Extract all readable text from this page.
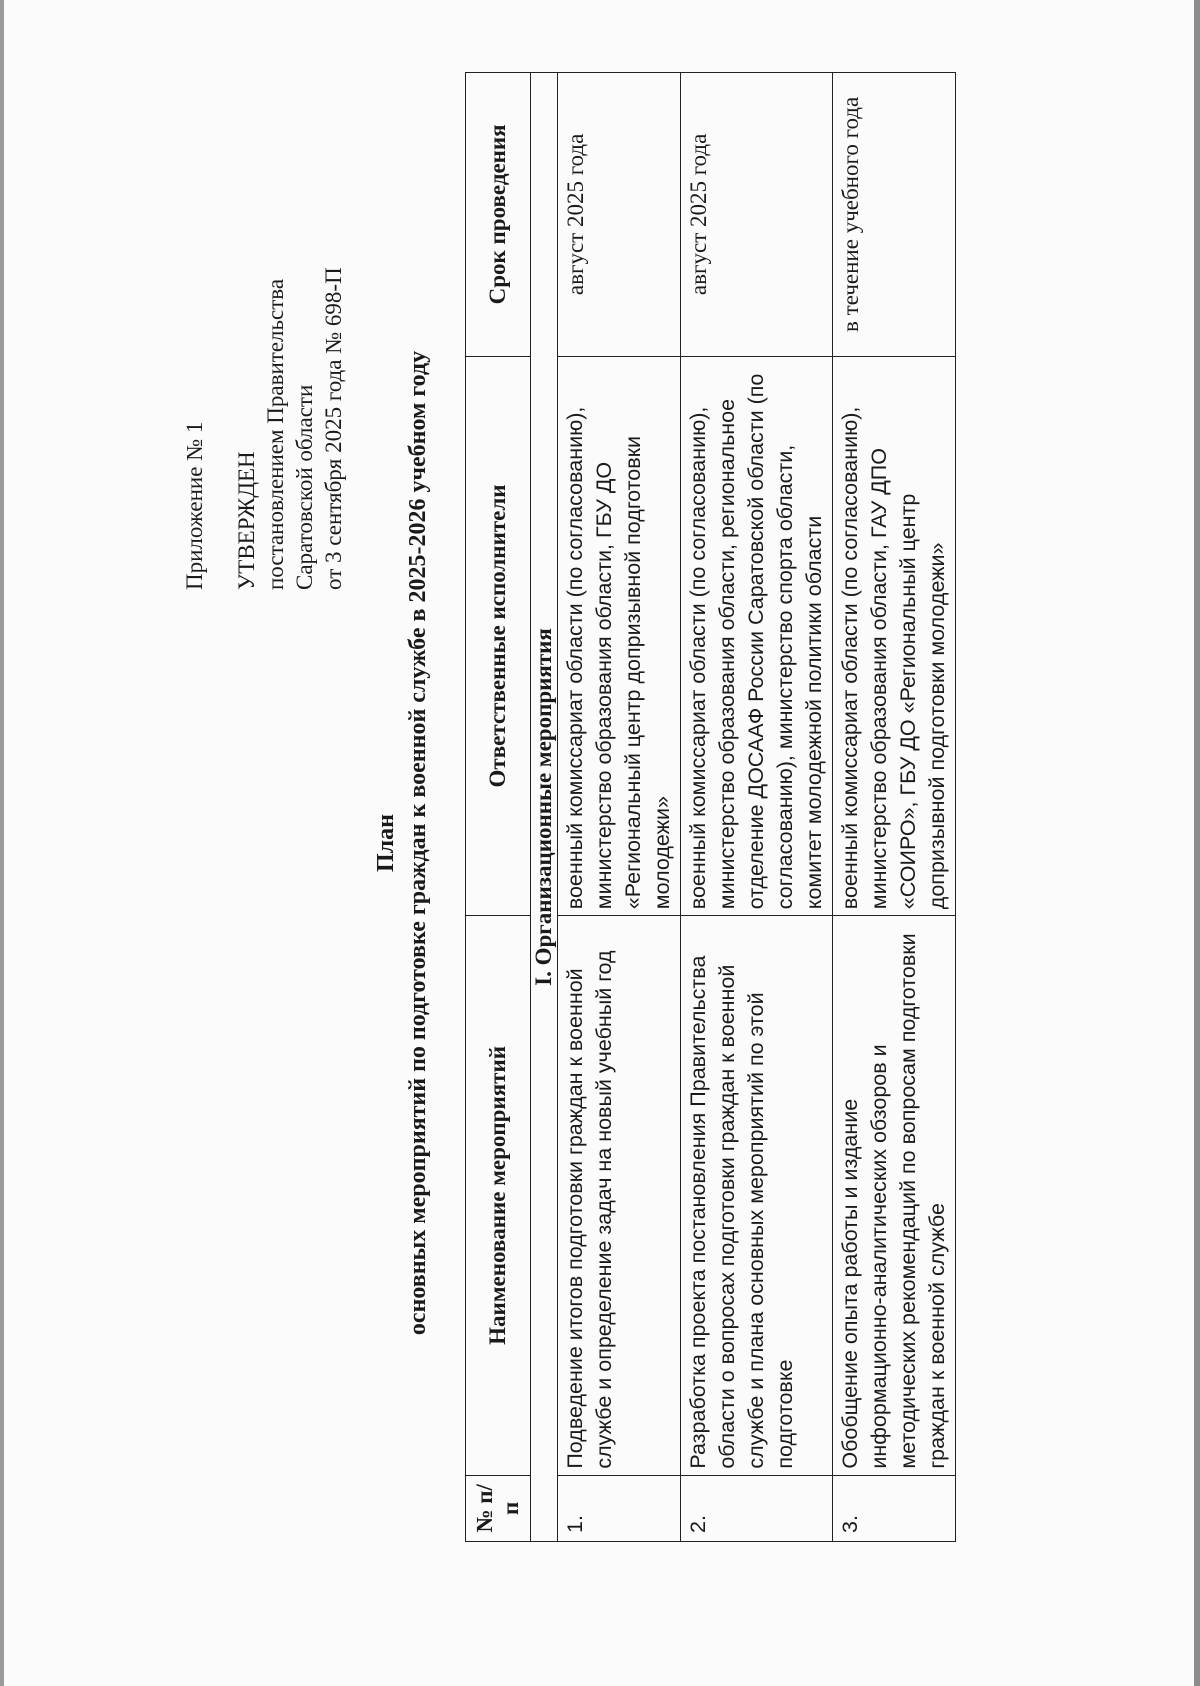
Приложение № 1 УТВЕРЖДЕН постановлением Правительства Саратовской области от 3 сентября 2025 года № 698-П
План основных мероприятий по подготовке граждан к военной службе в 2025-2026 учебном году
№ п/п	Наименование мероприятий	Ответственные исполнители	Срок проведения
I. Организационные мероприятия			
1.	Подведение итогов подготовки граждан к военной службе и определение задач на новый учебный год	военный комиссариат области (по согласованию), министерство образования области, ГБУ ДО «Региональный центр допризывной подготовки молодежи»	август 2025 года
2.	Разработка проекта постановления Правительства области о вопросах подготовки граждан к военной службе и плана основных мероприятий по этой подготовке	военный комиссариат области (по согласованию), министерство образования области, региональное отделение ДОСААФ России Саратовской области (по согласованию), министерство спорта области, комитет молодежной политики области	август 2025 года
3.	Обобщение опыта работы и издание информационно-аналитических обзоров и методических рекомендаций по вопросам подготовки граждан к военной службе	военный комиссариат области (по согласованию), министерство образования области, ГАУ ДПО «СОИРО», ГБУ ДО «Региональный центр допризывной подготовки молодежи»	в течение учебного года
